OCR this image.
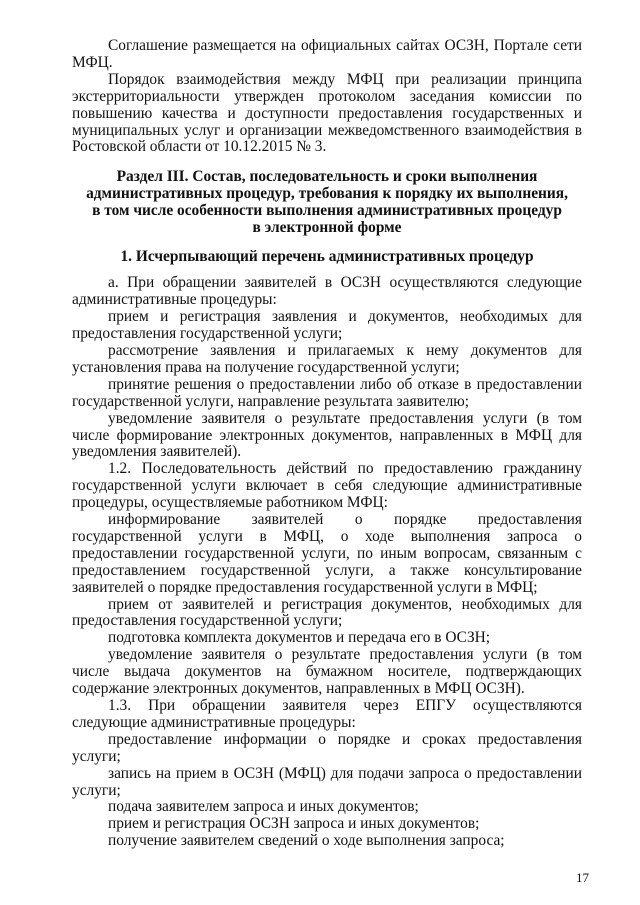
Соглашение размещается на официальных сайтах ОСЗН, Портале сети МФЦ.

Порядок взаимодействия между МФЦ при реализации принципа экстерриториальности утвержден протоколом заседания комиссии по повышению качества и доступности предоставления государственных и муниципальных услуг и организации межведомственного взаимодействия в Ростовской области от 10.12.2015 № 3.

Раздел III. Состав, последовательность и сроки выполнения
административных процедур, требования к порядку их выполнения,
в том числе особенности выполнения административных процедур
в электронной форме
1. Исчерпывающий перечень административных процедур

а. При обращении заявителей в ОСЗН осуществляются следующие административные процедуры:

прием и регистрация заявления и документов, необходимых для предоставления государственной услуги;

рассмотрение заявления и прилагаемых к нему документов для установления права на получение государственной услуги;

принятие решения о предоставлении либо об отказе в предоставлении государственной услуги, направление результата заявителю;

уведомление заявителя о результате предоставления услуги (в том числе формирование электронных документов, направленных в МФЦ для уведомления заявителей).

1.2. Последовательность действий по предоставлению гражданину государственной услуги включает в себя следующие административные процедуры, осуществляемые работником МФЦ:

информирование заявителей о порядке предоставления государственной услуги в МФЦ, о ходе выполнения запроса о предоставлении государственной услуги, по иным вопросам, связанным с предоставлением государственной услуги, а также консультирование заявителей о порядке предоставления государственной услуги в МФЦ;

прием от заявителей и регистрация документов, необходимых для предоставления государственной услуги;

подготовка комплекта документов и передача его в ОСЗН;

уведомление заявителя о результате предоставления услуги (в том числе выдача документов на бумажном носителе, подтверждающих содержание электронных документов, направленных в МФЦ ОСЗН).

1.3. При обращении заявителя через ЕПГУ осуществляются следующие административные процедуры:

предоставление информации о порядке и сроках предоставления услуги;

запись на прием в ОСЗН (МФЦ) для подачи запроса о предоставлении услуги;

подача заявителем запроса и иных документов;

прием и регистрация ОСЗН запроса и иных документов;

получение заявителем сведений о ходе выполнения запроса;

17
